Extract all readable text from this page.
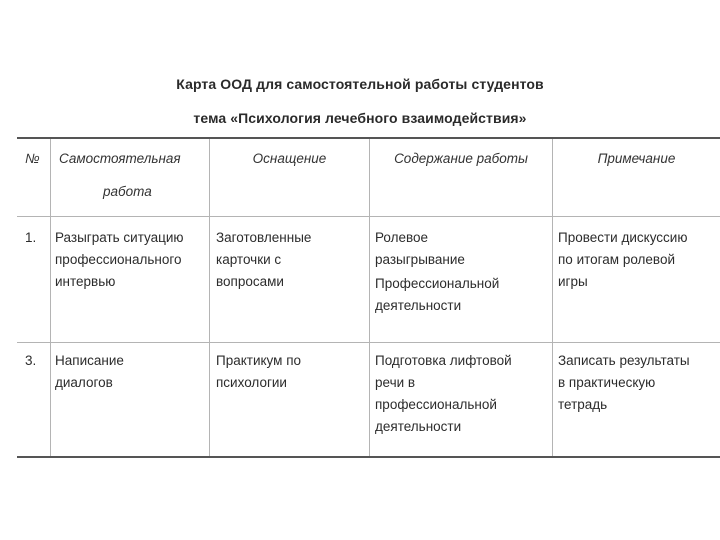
Карта ООД для самостоятельной работы студентов
тема «Психология лечебного взаимодействия»
№ Самостоятельная
работа
Оснащение	Содержание работы	Примечание
1. Разыграть ситуацию
профессионального
интервью
Заготовленные
карточки с
вопросами
Ролевое
разыгрывание
Профессиональной
деятельности
Провести дискуссию
по итогам ролевой
игры
3. Написание
диалогов
Практикум по
психологии
Подготовка лифтовой
речи в
профессиональной
деятельности
Записать результаты
в практическую
тетрадь
